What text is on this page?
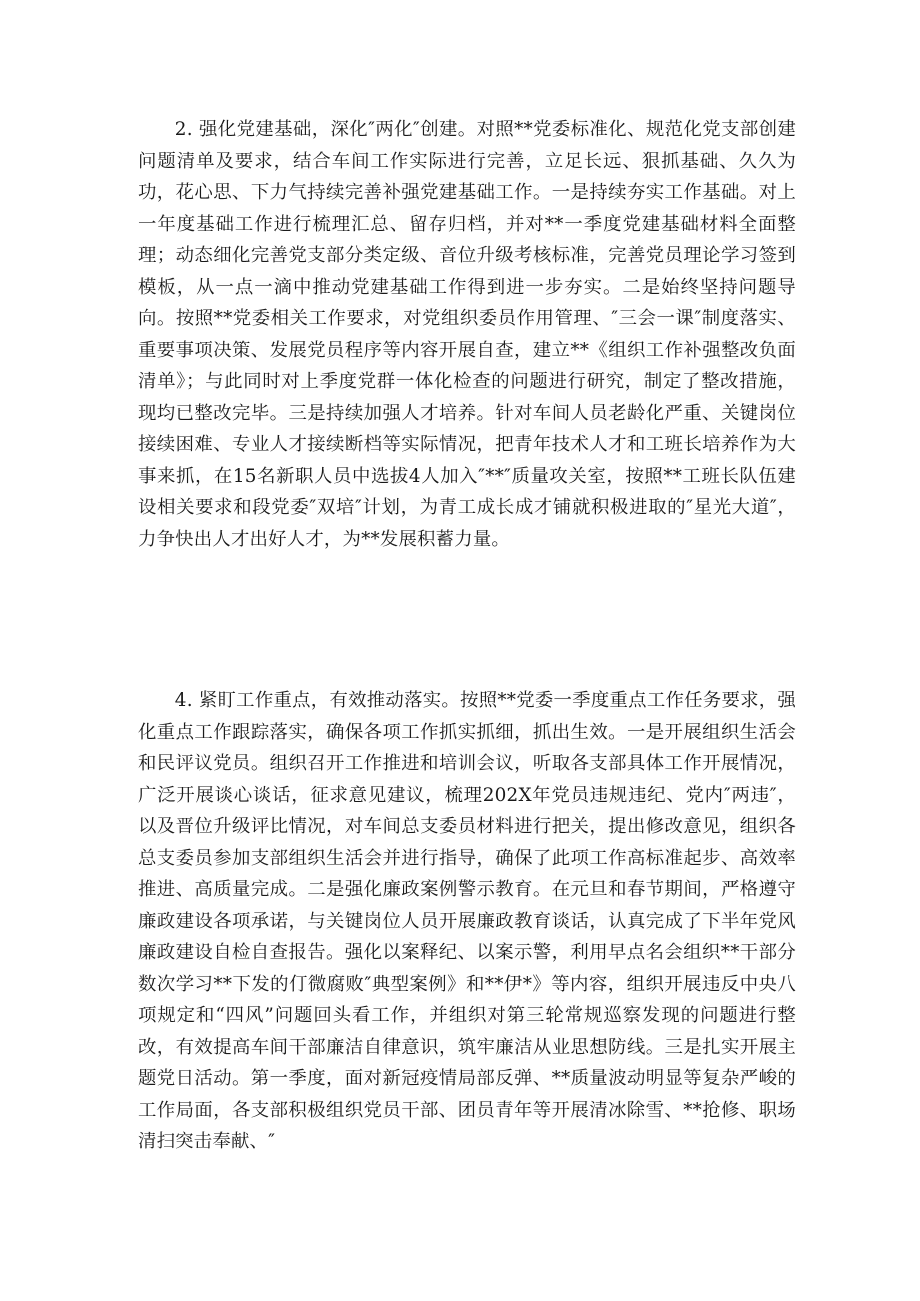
2. 强化党建基础，深化″两化″创建。对照**党委标准化、规范化党支部创建问题清单及要求，结合车间工作实际进行完善，立足长远、狠抓基础、久久为功，花心思、下力气持续完善补强党建基础工作。一是持续夯实工作基础。对上一年度基础工作进行梳理汇总、留存归档，并对**一季度党建基础材料全面整理；动态细化完善党支部分类定级、音位升级考核标准，完善党员理论学习签到模板，从一点一滴中推动党建基础工作得到进一步夯实。二是始终坚持问题导向。按照**党委相关工作要求，对党组织委员作用管理、″三会一课″制度落实、重要事项决策、发展党员程序等内容开展自查，建立**《组织工作补强整改负面清单》；与此同时对上季度党群一体化检查的问题进行研究，制定了整改措施，现均已整改完毕。三是持续加强人才培养。针对车间人员老龄化严重、关键岗位接续困难、专业人才接续断档等实际情况，把青年技术人才和工班长培养作为大事来抓，在15名新职人员中选拔4人加入″**″质量攻关室，按照**工班长队伍建设相关要求和段党委″双培″计划，为青工成长成才铺就积极进取的″星光大道″，力争快出人才出好人才，为**发展积蓄力量。

4. 紧盯工作重点，有效推动落实。按照**党委一季度重点工作任务要求，强化重点工作跟踪落实，确保各项工作抓实抓细，抓出生效。一是开展组织生活会和民评议党员。组织召开工作推进和培训会议，听取各支部具体工作开展情况，广泛开展谈心谈话，征求意见建议，梳理202X年党员违规违纪、党内″两违″，以及晋位升级评比情况，对车间总支委员材料进行把关，提出修改意见，组织各总支委员参加支部组织生活会并进行指导，确保了此项工作高标准起步、高效率推进、高质量完成。二是强化廉政案例警示教育。在元旦和春节期间，严格遵守廉政建设各项承诺，与关键岗位人员开展廉政教育谈话，认真完成了下半年党风廉政建设自检自查报告。强化以案释纪、以案示警，利用早点名会组织**干部分数次学习**下发的仃微腐败″典型案例》和**伊*》等内容，组织开展违反中央八项规定和“四风”问题回头看工作，并组织对第三轮常规巡察发现的问题进行整改，有效提高车间干部廉洁自律意识，筑牢廉洁从业思想防线。三是扎实开展主题党日活动。第一季度，面对新冠疫情局部反弹、**质量波动明显等复杂严峻的工作局面，各支部积极组织党员干部、团员青年等开展清冰除雪、**抢修、职场清扫突击奉献、″
